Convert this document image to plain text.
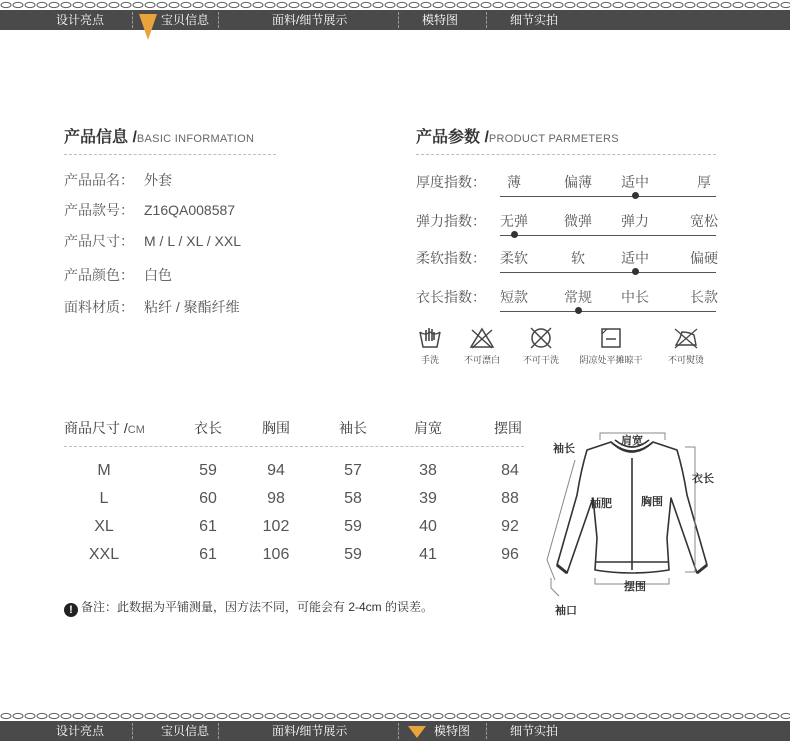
设计亮点	宝贝信息	面料/细节展示	模特图	细节实拍
产品信息 /BASIC INFORMATION
产品品名： 外套
产品款号： Z16QA008587
产品尺寸： M / L / XL / XXL
产品颜色： 白色
面料材质： 粘纤 / 聚酯纤维
产品参数 /PRODUCT PARMETERS
厚度指数： 薄	偏薄 适中	厚
弹力指数： 无弹	微弹 弹力	宽松
柔软指数： 柔软	软	适中	偏硬
衣长指数： 短款	常规 中长	长款
手洗	不可漂白	不可干洗	阴凉处平摊晾干	不可熨烫
商品尺寸 /CM	衣长	胸围	袖长	肩宽	摆围
M	59	94	57	38	84
L	60	98	58	39	88
XL	61	102	59	40	92
XXL	61	106	59	41	96
! 备注：此数据为平铺测量，因方法不同，可能会有 2-4cm 的误差。
袖长
肩宽
衣长
袖肥	胸围
摆围
袖口
设计亮点	宝贝信息	面料/细节展示	模特图	细节实拍
